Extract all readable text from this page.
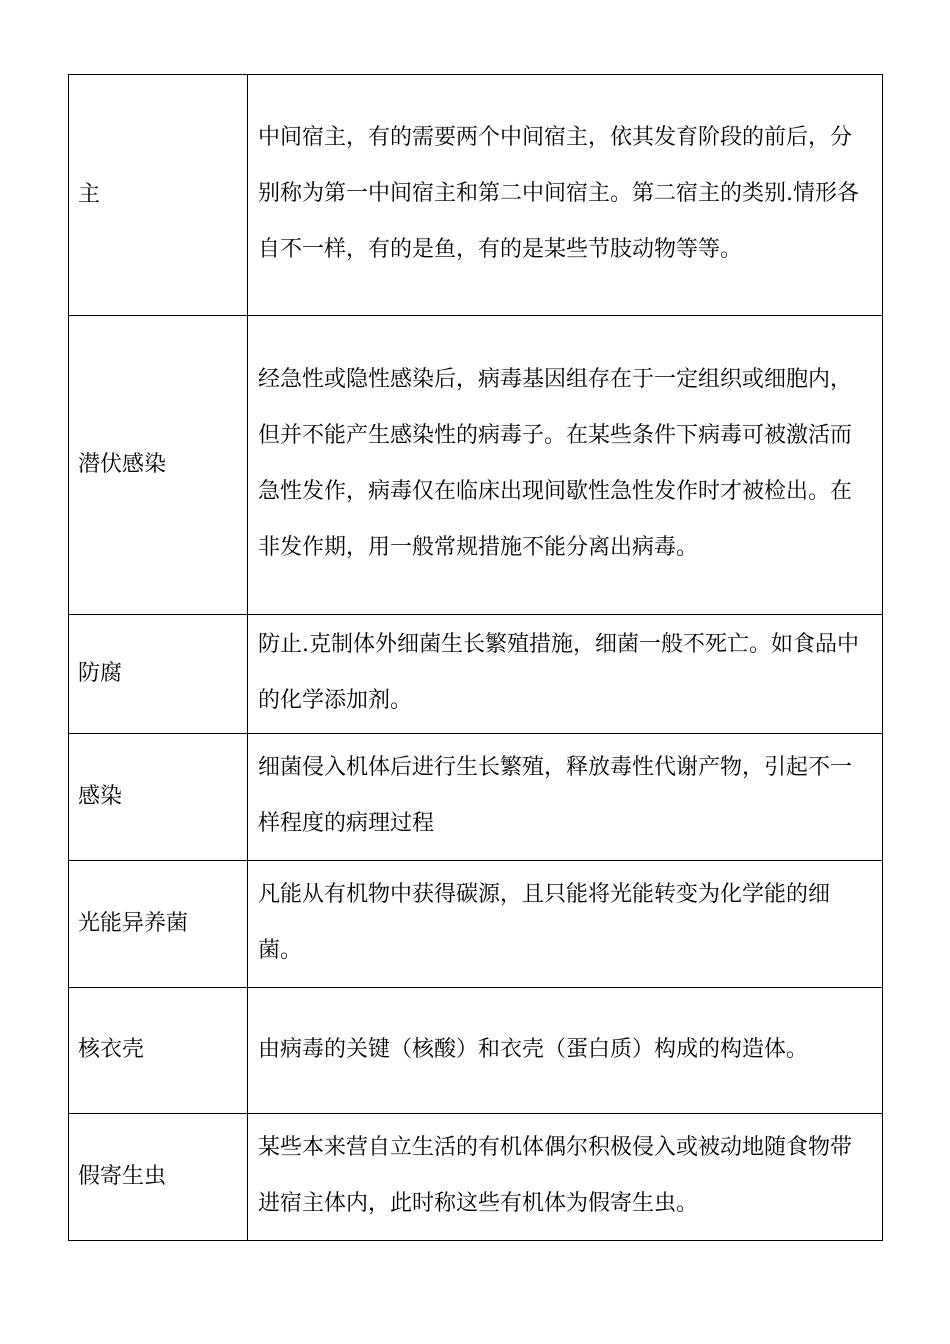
主	中间宿主，有的需要两个中间宿主，依其发育阶段的前后，分别称为第一中间宿主和第二中间宿主。第二宿主的类别.情形各自不一样，有的是鱼，有的是某些节肢动物等等。

潜伏感染	经急性或隐性感染后，病毒基因组存在于一定组织或细胞内，但并不能产生感染性的病毒子。在某些条件下病毒可被激活而急性发作，病毒仅在临床出现间歇性急性发作时才被检出。在非发作期，用一般常规措施不能分离出病毒。

防腐	防止.克制体外细菌生长繁殖措施，细菌一般不死亡。如食品中的化学添加剂。

感染	细菌侵入机体后进行生长繁殖，释放毒性代谢产物，引起不一样程度的病理过程

光能异养菌	凡能从有机物中获得碳源，且只能将光能转变为化学能的细菌。

核衣壳	由病毒的关键（核酸）和衣壳（蛋白质）构成的构造体。

假寄生虫	某些本来营自立生活的有机体偶尔积极侵入或被动地随食物带进宿主体内，此时称这些有机体为假寄生虫。
